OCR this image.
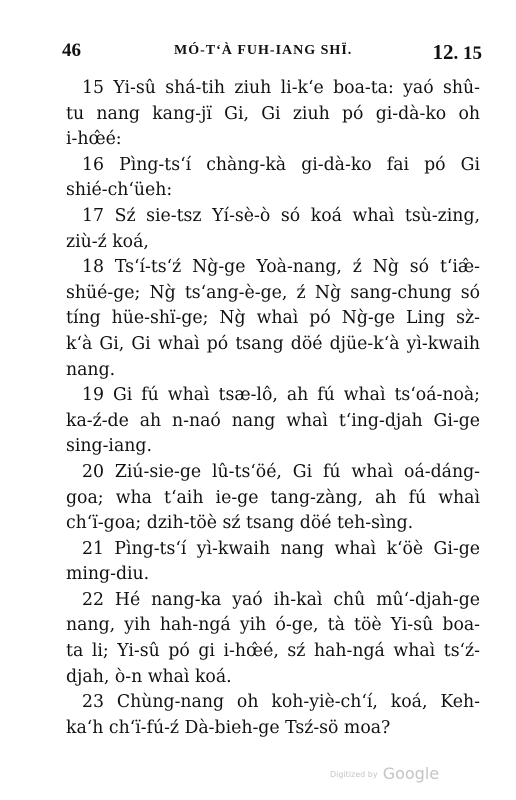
46	MÓ-T‘À FUH-IANG SHÏ.	12. 15
15 Yi-sû shá-tih ziuh li-k‘e boa-ta: yaó shû-
tu nang kang-jï Gi, Gi ziuh pó gi-dà-ko oh
i-hœ̂é:
16 Pìng-ts‘í chàng-kà gi-dà-ko fai pó Gi
shié-ch‘üeh:
17 Sź sie-tsz Yí-sè-ò só koá whaì tsù-zing,
ziù-ź koá,
18 Ts‘í-ts‘ź Ng̀-ge Yoà-nang, ź Ng̀ só t‘iæ̂-
shüé-ge; Ng̀ ts‘ang-è-ge, ź Ng̀ sang-chung só
tíng hüe-shï-ge; Ng̀ whaì pó Ng̀-ge Ling sz̀-
k‘à Gi, Gi whaì pó tsang döé djüe-k‘à yì-kwaih
nang.
19 Gi fú whaì tsæ-lô, ah fú whaì ts‘oá-noà;
ka-ź-de ah n-naó nang whaì t‘ing-djah Gi-ge
sing-iang.
20 Ziú-sie-ge lû-ts‘öé, Gi fú whaì oá-dáng-
goa; wha t‘aih ie-ge tang-zàng, ah fú whaì
ch‘ï-goa; dzih-töè sź tsang döé teh-sìng.
21 Pìng-ts‘í yì-kwaih nang whaì k‘öè Gi-ge
ming-diu.
22 Hé nang-ka yaó ih-kaì chû mû‘-djah-ge
nang, yih hah-ngá yih ó-ge, tà töè Yi-sû boa-
ta li; Yi-sû pó gi i-hœ̂é, sź hah-ngá whaì ts‘ź-
djah, ò-n whaì koá.
23 Chùng-nang oh koh-yiè-ch‘í, koá, Keh-
ka‘h ch‘ï-fú-ź Dà-bieh-ge Tsź-sö moa?
Digitized by Google
